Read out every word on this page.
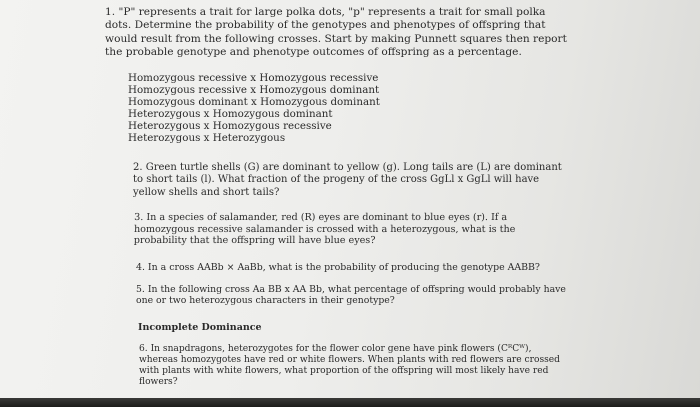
1. "P" represents a trait for large polka dots, "p" represents a trait for small polka dots. Determine the probability of the genotypes and phenotypes of offspring that would result from the following crosses. Start by making Punnett squares then report the probable genotype and phenotype outcomes of offspring as a percentage.

Homozygous recessive x Homozygous recessive
Homozygous recessive x Homozygous dominant
Homozygous dominant x Homozygous dominant
Heterozygous x Homozygous dominant
Heterozygous x Homozygous recessive
Heterozygous x Heterozygous

2. Green turtle shells (G) are dominant to yellow (g). Long tails are (L) are dominant to short tails (l). What fraction of the progeny of the cross GgLl x GgLl will have yellow shells and short tails?

3. In a species of salamander, red (R) eyes are dominant to blue eyes (r). If a homozygous recessive salamander is crossed with a heterozygous, what is the probability that the offspring will have blue eyes?

4. In a cross AABb × AaBb, what is the probability of producing the genotype AABB?

5. In the following cross Aa BB x AA Bb, what percentage of offspring would probably have one or two heterozygous characters in their genotype?

Incomplete Dominance

6. In snapdragons, heterozygotes for the flower color gene have pink flowers (CᴿCᵂ), whereas homozygotes have red or white flowers. When plants with red flowers are crossed with plants with white flowers, what proportion of the offspring will most likely have red flowers?
